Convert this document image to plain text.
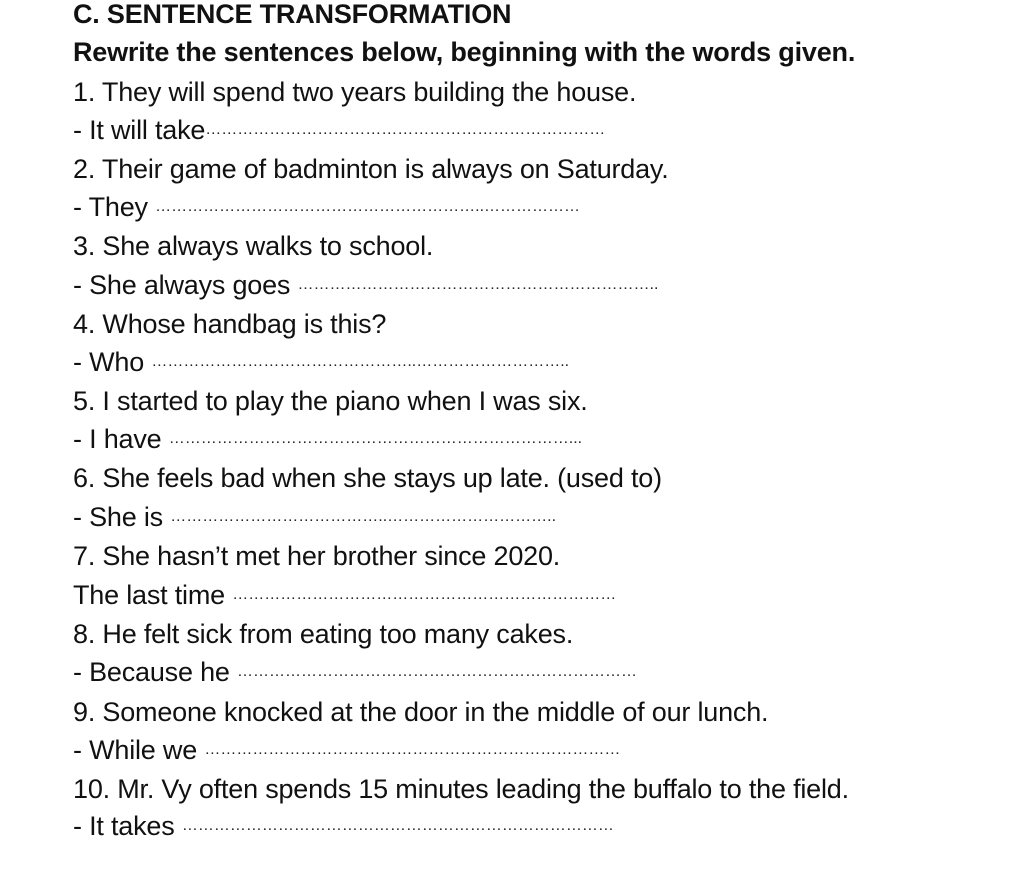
C. SENTENCE TRANSFORMATION
Rewrite the sentences below, beginning with the words given.
1. They will spend two years building the house.
- It will take…………………………………………………………………
2. Their game of badminton is always on Saturday.
- They ……………………………………………………..………………
3. She always walks to school.
- She always goes …………………………………………………………..
4. Whose handbag is this?
- Who …………………………………………..………………………..
5. I started to play the piano when I was six.
- I have …………………………………………………………………...
6. She feels bad when she stays up late. (used to)
- She is …………………………………..…………………………..
7. She hasn’t met her brother since 2020.
The last time ………………………………………………………………
8. He felt sick from eating too many cakes.
- Because he …………………………………………………………………
9. Someone knocked at the door in the middle of our lunch.
- While we ……………………………………………………………………
10. Mr. Vy often spends 15 minutes leading the buffalo to the field.
- It takes ………………………………………………………………………
